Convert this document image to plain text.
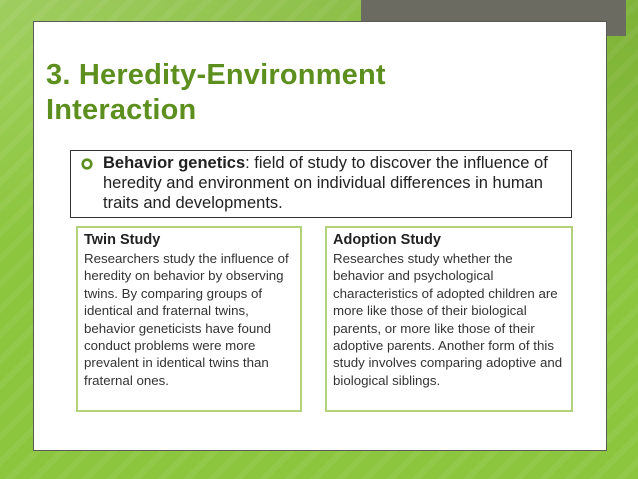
3. Heredity-Environment Interaction
Behavior genetics: field of study to discover the influence of heredity and environment on individual differences in human traits and developments.
Twin Study
Researchers study the influence of heredity on behavior by observing twins. By comparing groups of identical and fraternal twins, behavior geneticists have found conduct problems were more prevalent in identical twins than fraternal ones.
Adoption Study
Researches study whether the behavior and psychological characteristics of adopted children are more like those of their biological parents, or more like those of their adoptive parents. Another form of this study involves comparing adoptive and biological siblings.
